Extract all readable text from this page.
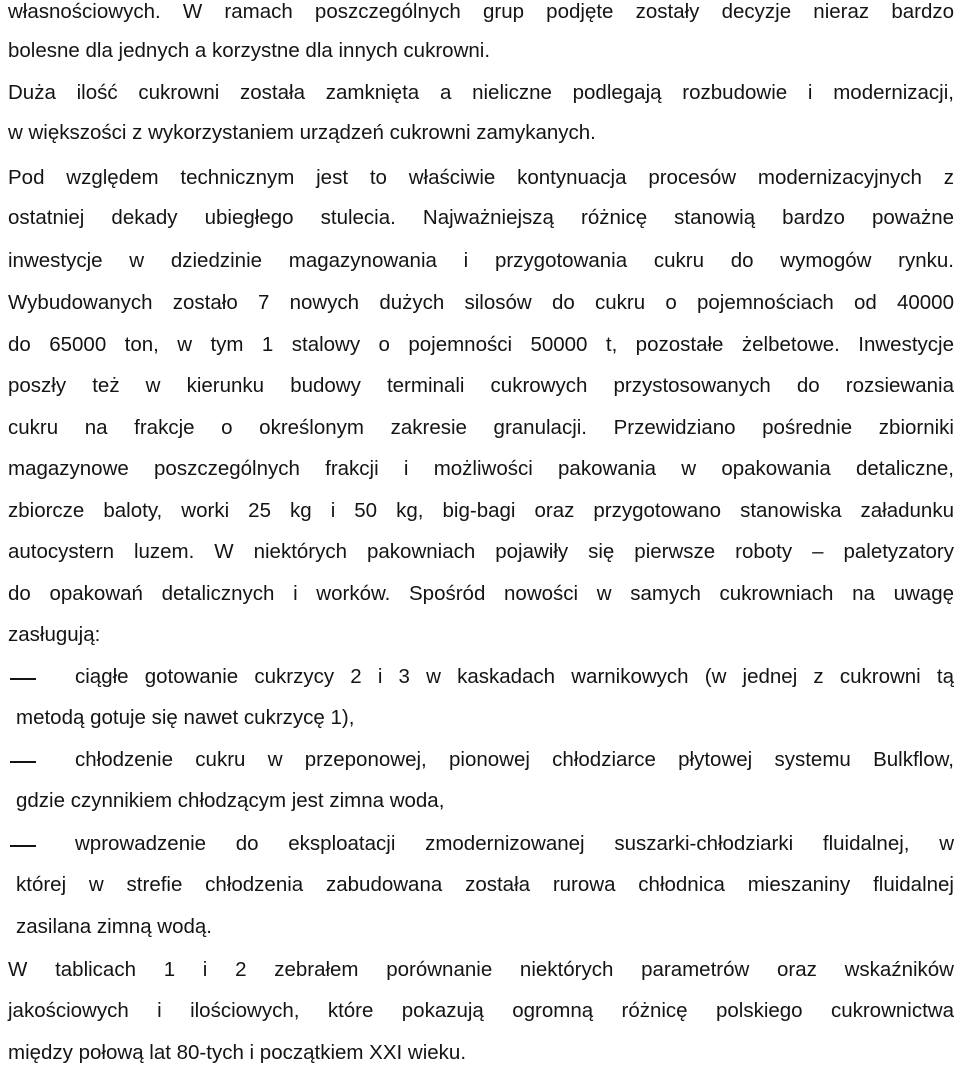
własnościowych. W ramach poszczególnych grup podjęte zostały decyzje nieraz bardzo
bolesne dla jednych a korzystne dla innych cukrowni.
Duża ilość cukrowni została zamknięta a nieliczne podlegają rozbudowie i modernizacji,
w większości z wykorzystaniem urządzeń cukrowni zamykanych.
Pod względem technicznym jest to właściwie kontynuacja procesów modernizacyjnych z
ostatniej dekady ubiegłego stulecia. Najważniejszą różnicę stanowią bardzo poważne
inwestycje w dziedzinie magazynowania i przygotowania cukru do wymogów rynku.
Wybudowanych zostało 7 nowych dużych silosów do cukru o pojemnościach od 40000
do 65000 ton, w tym 1 stalowy o pojemności 50000 t, pozostałe żelbetowe. Inwestycje
poszły też w kierunku budowy terminali cukrowych przystosowanych do rozsiewania
cukru na frakcje o określonym zakresie granulacji. Przewidziano pośrednie zbiorniki
magazynowe poszczególnych frakcji i możliwości pakowania w opakowania detaliczne,
zbiorcze baloty, worki 25 kg i 50 kg, big-bagi oraz przygotowano stanowiska załadunku
autocystern luzem. W niektórych pakowniach pojawiły się pierwsze roboty – paletyzatory
do opakowań detalicznych i worków. Spośród nowości w samych cukrowniach na uwagę
zasługują:
ciągłe gotowanie cukrzycy 2 i 3 w kaskadach warnikowych (w jednej z cukrowni tą
metodą gotuje się nawet cukrzycę 1),
chłodzenie cukru w przeponowej, pionowej chłodziarce płytowej systemu Bulkflow,
gdzie czynnikiem chłodzącym jest zimna woda,
wprowadzenie do eksploatacji zmodernizowanej suszarki-chłodziarki fluidalnej, w
której w strefie chłodzenia zabudowana została rurowa chłodnica mieszaniny fluidalnej
zasilana zimną wodą.
W tablicach 1 i 2 zebrałem porównanie niektórych parametrów oraz wskaźników
jakościowych i ilościowych, które pokazują ogromną różnicę polskiego cukrownictwa
między połową lat 80-tych i początkiem XXI wieku.
